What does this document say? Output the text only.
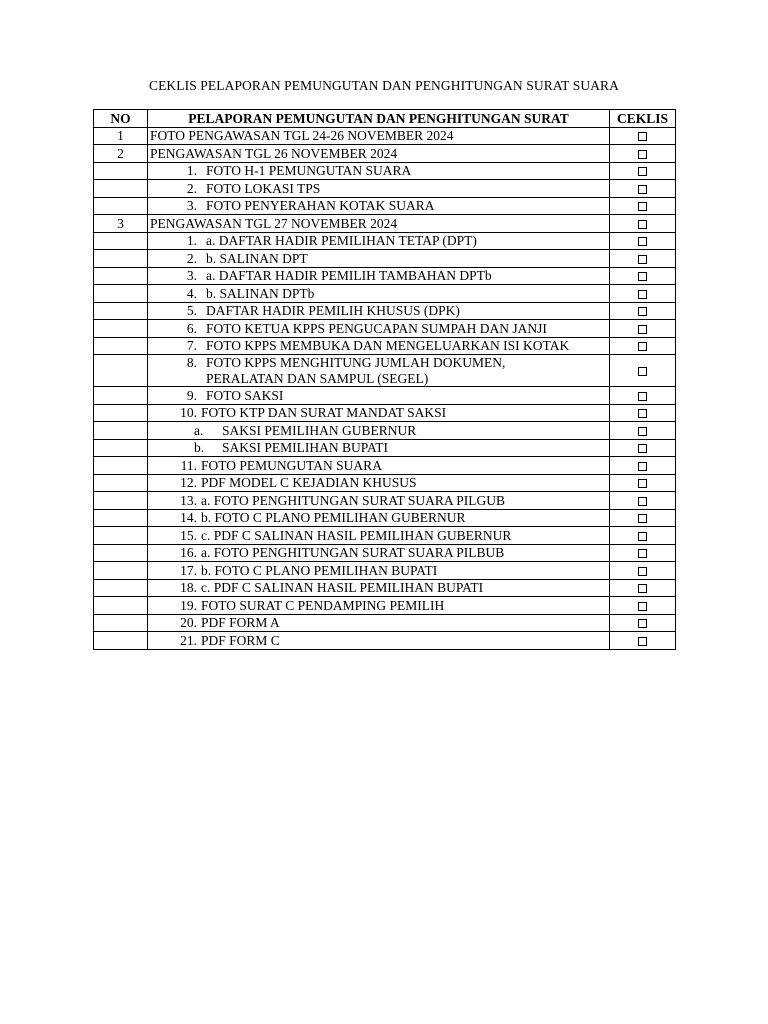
CEKLIS PELAPORAN PEMUNGUTAN DAN PENGHITUNGAN SURAT SUARA
NO	PELAPORAN PEMUNGUTAN DAN PENGHITUNGAN SURAT	CEKLIS
1	FOTO PENGAWASAN TGL 24-26 NOVEMBER 2024	
2	PENGAWASAN TGL 26 NOVEMBER 2024	

	1. FOTO H-1 PEMUNGUTAN SUARA	

	2. FOTO LOKASI TPS	

	3. FOTO PENYERAHAN KOTAK SUARA	

3	PENGAWASAN TGL 27 NOVEMBER 2024	

	1. a. DAFTAR HADIR PEMILIHAN TETAP (DPT)	

	2. b. SALINAN DPT	

	3. a. DAFTAR HADIR PEMILIH TAMBAHAN DPTb	

	4. b. SALINAN DPTb	

	5. DAFTAR HADIR PEMILIH KHUSUS (DPK)	

	6. FOTO KETUA KPPS PENGUCAPAN SUMPAH DAN JANJI	

	7. FOTO KPPS MEMBUKA DAN MENGELUARKAN ISI KOTAK	

	8. FOTO KPPS MENGHITUNG JUMLAH DOKUMEN, PERALATAN DAN SAMPUL (SEGEL)	

	9. FOTO SAKSI	

	10. FOTO KTP DAN SURAT MANDAT SAKSI	

	a. SAKSI PEMILIHAN GUBERNUR	

	b. SAKSI PEMILIHAN BUPATI	

	11. FOTO PEMUNGUTAN SUARA	

	12. PDF MODEL C KEJADIAN KHUSUS	

	13. a. FOTO PENGHITUNGAN SURAT SUARA PILGUB	

	14. b. FOTO C PLANO PEMILIHAN GUBERNUR	

	15. c. PDF C SALINAN HASIL PEMILIHAN GUBERNUR	

	16. a. FOTO PENGHITUNGAN SURAT SUARA PILBUB	

	17. b. FOTO C PLANO PEMILIHAN BUPATI	

	18. c. PDF C SALINAN HASIL PEMILIHAN BUPATI	

	19. FOTO SURAT C PENDAMPING PEMILIH	

	20. PDF FORM A	

	21. PDF FORM C	
